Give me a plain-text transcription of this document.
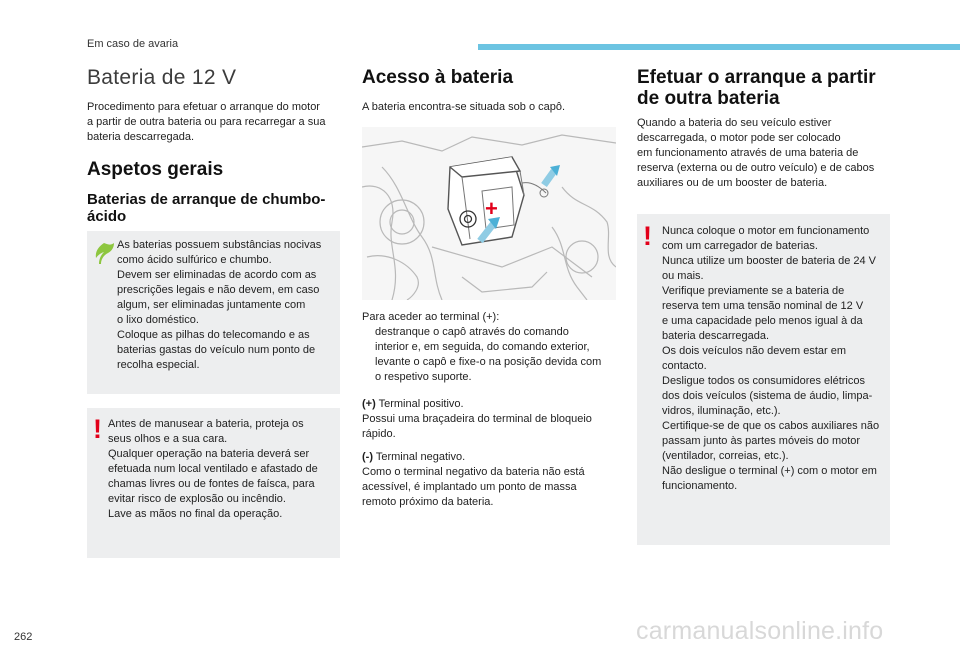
Em caso de avaria
Bateria de 12 V

Procedimento para efetuar o arranque do motor

a partir de outra bateria ou para recarregar a sua

bateria descarregada.

Aspetos gerais
Baterias de arranque de chumbo-
ácido

As baterias possuem substâncias nocivas

como ácido sulfúrico e chumbo.

Devem ser eliminadas de acordo com as

prescrições legais e não devem, em caso

algum, ser eliminadas juntamente com

o lixo doméstico.

Coloque as pilhas do telecomando e as

baterias gastas do veículo num ponto de

recolha especial.

! Antes de manusear a bateria, proteja os

seus olhos e a sua cara.

Qualquer operação na bateria deverá ser

efetuada num local ventilado e afastado de

chamas livres ou de fontes de faísca, para

evitar risco de explosão ou incêndio.

Lave as mãos no final da operação.

Acesso à bateria

A bateria encontra-se situada sob o capô.

+

Para aceder ao terminal (+):

destranque o capô através do comando

interior e, em seguida, do comando exterior,

levante o capô e fixe-o na posição devida com

o respetivo suporte.

(+) Terminal positivo.

Possui uma braçadeira do terminal de bloqueio

rápido.

(-) Terminal negativo.

Como o terminal negativo da bateria não está

acessível, é implantado um ponto de massa

remoto próximo da bateria.

Efetuar o arranque a partir
de outra bateria

Quando a bateria do seu veículo estiver

descarregada, o motor pode ser colocado

em funcionamento através de uma bateria de

reserva (externa ou de outro veículo) e de cabos

auxiliares ou de um booster de bateria.

! Nunca coloque o motor em funcionamento

com um carregador de baterias.

Nunca utilize um booster de bateria de 24 V

ou mais.

Verifique previamente se a bateria de

reserva tem uma tensão nominal de 12 V

e uma capacidade pelo menos igual à da

bateria descarregada.

Os dois veículos não devem estar em

contacto.

Desligue todos os consumidores elétricos

dos dois veículos (sistema de áudio, limpa-

vidros, iluminação, etc.).

Certifique-se de que os cabos auxiliares não

passam junto às partes móveis do motor

(ventilador, correias, etc.).

Não desligue o terminal (+) com o motor em

funcionamento.

262	carmanualsonline.info
